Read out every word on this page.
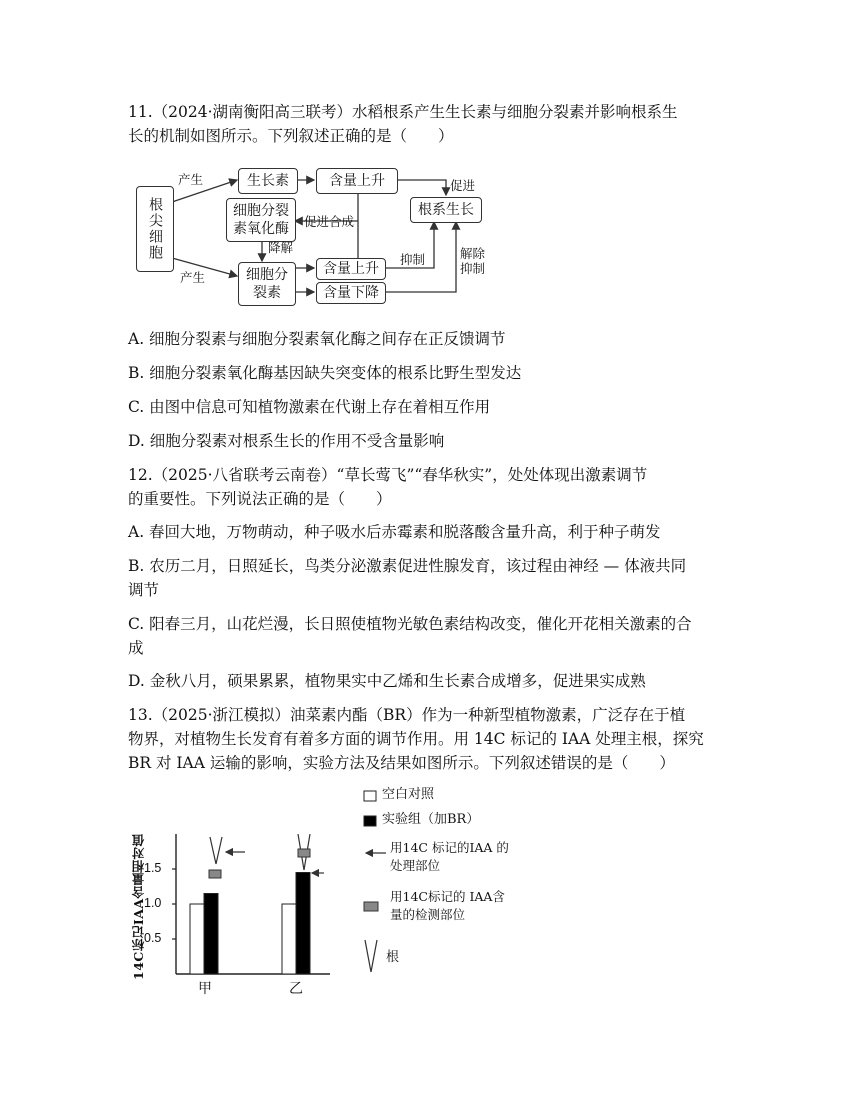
11.（2024·湖南衡阳高三联考）水稻根系产生生长素与细胞分裂素并影响根系生
长的机制如图所示。下列叙述正确的是（　　）
根尖细胞
生长素	含量上升
根系生长
细胞分裂
素氧化酶
细胞分
裂素
含量上升
含量下降
产生
产生
促进
促进合成
降解
抑制	解除
抑制
A. 细胞分裂素与细胞分裂素氧化酶之间存在正反馈调节
B. 细胞分裂素氧化酶基因缺失突变体的根系比野生型发达
C. 由图中信息可知植物激素在代谢上存在着相互作用
D. 细胞分裂素对根系生长的作用不受含量影响
12.（2025·八省联考云南卷）“草长莺飞”“春华秋实”，处处体现出激素调节
的重要性。下列说法正确的是（　　）
A. 春回大地，万物萌动，种子吸水后赤霉素和脱落酸含量升高，利于种子萌发
B. 农历二月，日照延长，鸟类分泌激素促进性腺发育，该过程由神经 — 体液共同
调节
C. 阳春三月，山花烂漫，长日照使植物光敏色素结构改变，催化开花相关激素的合
成
D. 金秋八月，硕果累累，植物果实中乙烯和生长素合成增多，促进果实成熟
13.（2025·浙江模拟）油菜素内酯（BR）作为一种新型植物激素，广泛存在于植
物界，对植物生长发育有着多方面的调节作用。用 14C 标记的 IAA 处理主根，探究
BR 对 IAA 运输的影响，实验方法及结果如图所示。下列叙述错误的是（　　）
14C标记IAA含量相对值
0.5
1.0
1.5
甲	乙
空白对照
实验组（加BR）
用14C 标记的IAA 的
处理部位
用14C标记的 IAA含
量的检测部位
根
